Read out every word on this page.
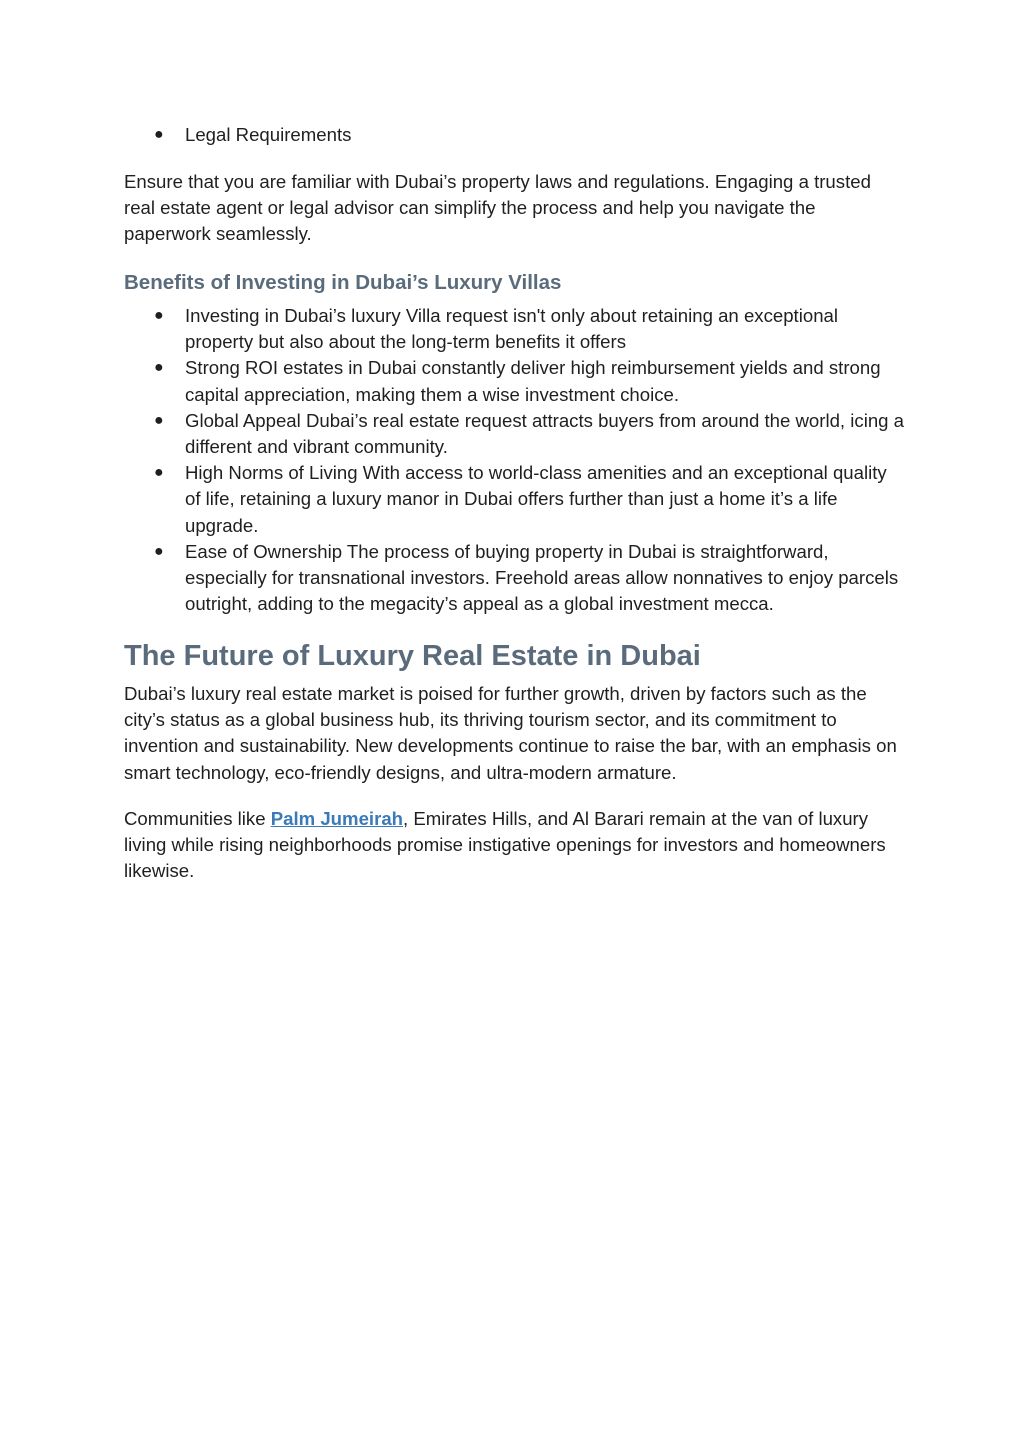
● Legal Requirements

Ensure that you are familiar with Dubai’s property laws and regulations. Engaging a trusted real estate agent or legal advisor can simplify the process and help you navigate the paperwork seamlessly.

Benefits of Investing in Dubai’s Luxury Villas
● Investing in Dubai’s luxury Villa request isn't only about retaining an exceptional property but also about the long-term benefits it offers
● Strong ROI estates in Dubai constantly deliver high reimbursement yields and strong capital appreciation, making them a wise investment choice.
● Global Appeal Dubai’s real estate request attracts buyers from around the world, icing a different and vibrant community.
● High Norms of Living With access to world-class amenities and an exceptional quality of life, retaining a luxury manor in Dubai offers further than just a home it’s a life upgrade.
● Ease of Ownership The process of buying property in Dubai is straightforward, especially for transnational investors. Freehold areas allow nonnatives to enjoy parcels outright, adding to the megacity’s appeal as a global investment mecca.
The Future of Luxury Real Estate in Dubai

Dubai’s luxury real estate market is poised for further growth, driven by factors such as the city’s status as a global business hub, its thriving tourism sector, and its commitment to invention and sustainability. New developments continue to raise the bar, with an emphasis on smart technology, eco-friendly designs, and ultra-modern armature.

Communities like Palm Jumeirah, Emirates Hills, and Al Barari remain at the van of luxury living while rising neighborhoods promise instigative openings for investors and homeowners likewise.
